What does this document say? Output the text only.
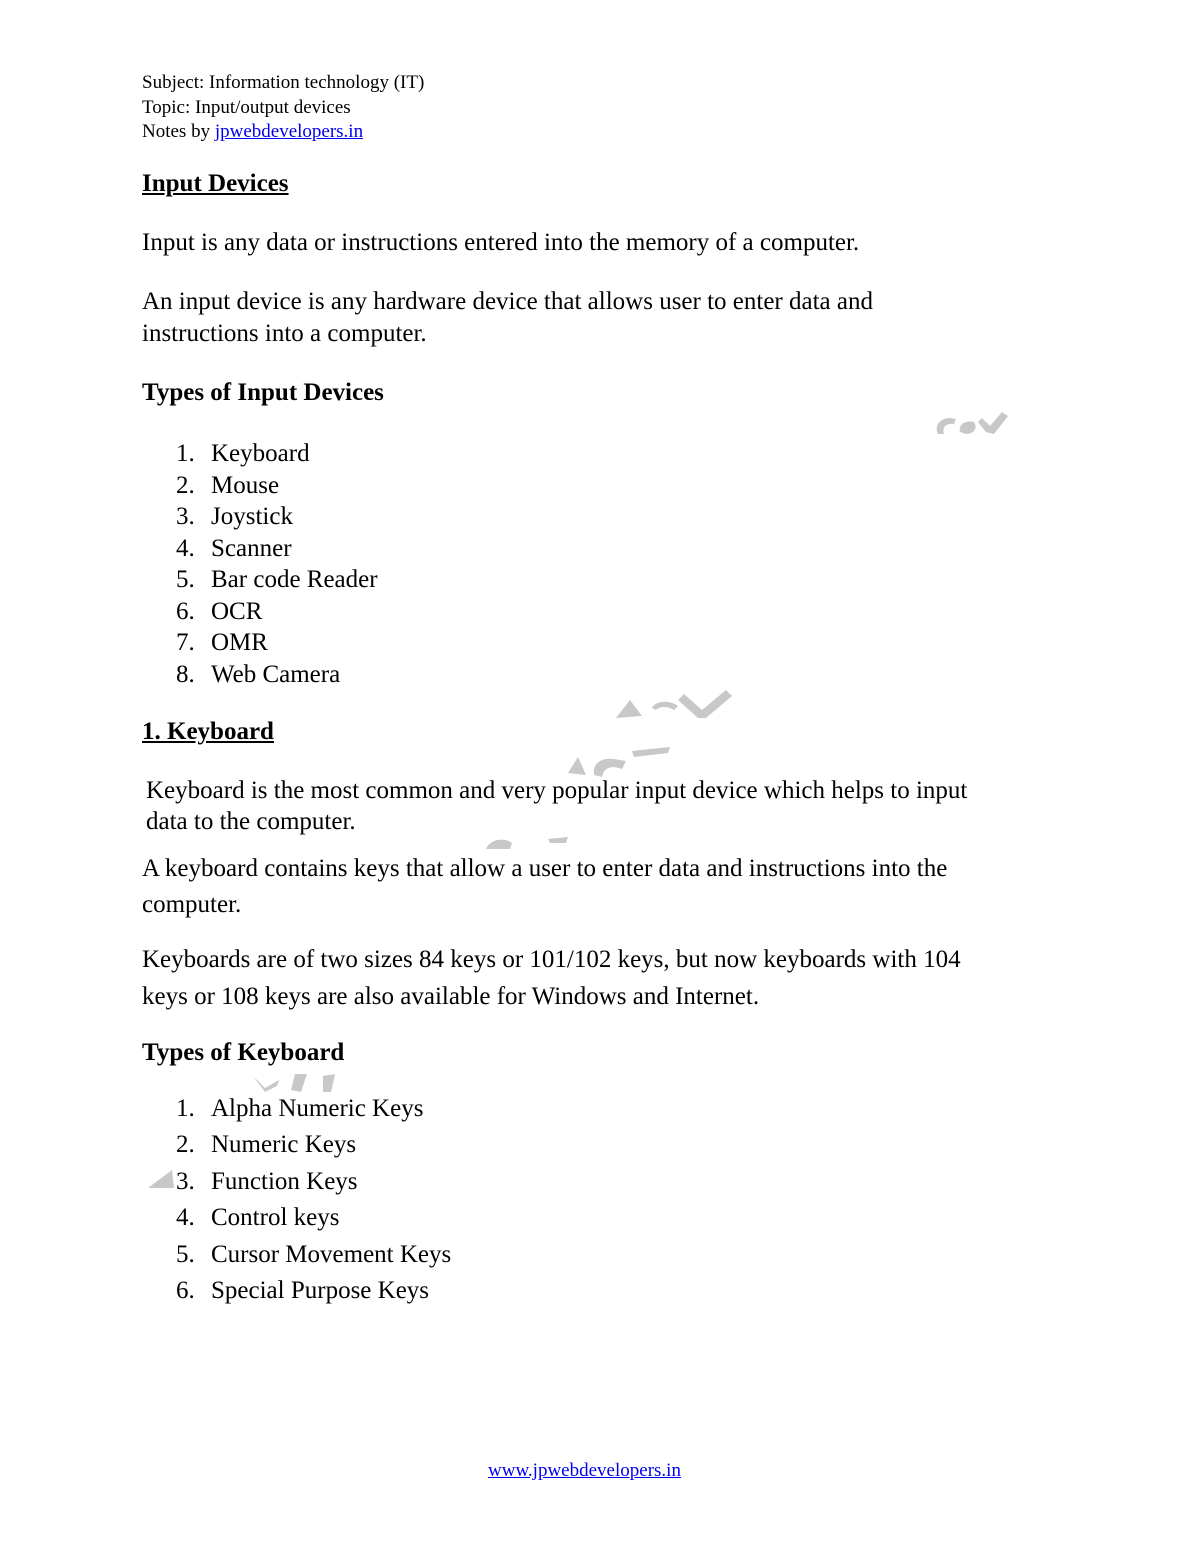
Subject: Information technology (IT)
Topic: Input/output devices
Notes by jpwebdevelopers.in
Input Devices
Input is any data or instructions entered into the memory of a computer.
An input device is any hardware device that allows user to enter data and
instructions into a computer.
Types of Input Devices
1. Keyboard
2. Mouse
3. Joystick
4. Scanner
5. Bar code Reader
6. OCR
7. OMR
8. Web Camera
1. Keyboard
Keyboard is the most common and very popular input device which helps to input
data to the computer.
A keyboard contains keys that allow a user to enter data and instructions into the
computer.
Keyboards are of two sizes 84 keys or 101/102 keys, but now keyboards with 104
keys or 108 keys are also available for Windows and Internet.
Types of Keyboard
1. Alpha Numeric Keys
2. Numeric Keys
3. Function Keys
4. Control keys
5. Cursor Movement Keys
6. Special Purpose Keys
www.jpwebdevelopers.in
